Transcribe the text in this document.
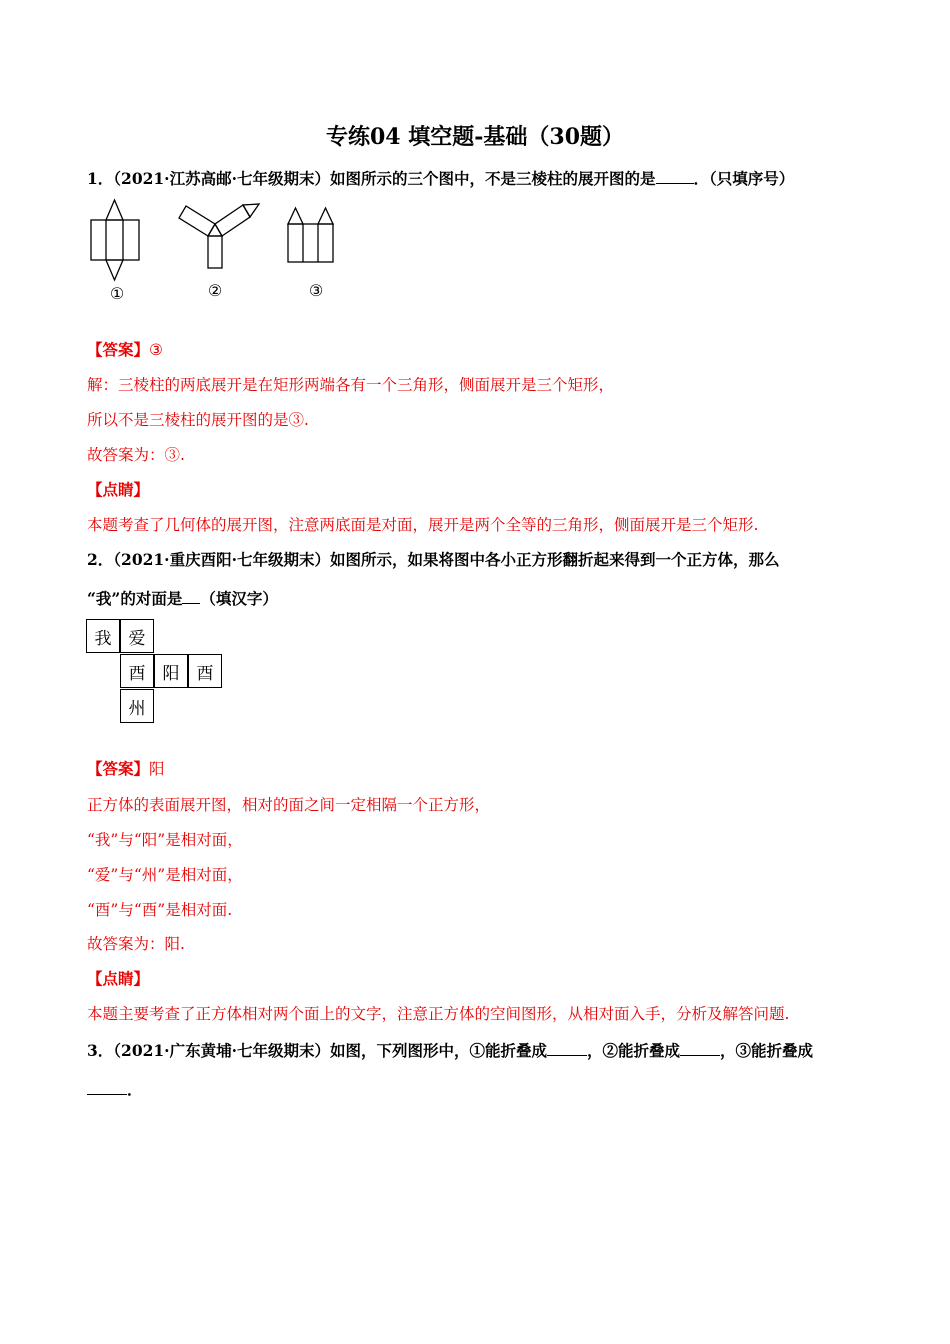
专练04 填空题-基础（30题）
1．（2021·江苏高邮·七年级期末）如图所示的三个图中，不是三棱柱的展开图的是 ．（只填序号）
①	②	③
【答案】③
解：三棱柱的两底展开是在矩形两端各有一个三角形，侧面展开是三个矩形，
所以不是三棱柱的展开图的是③.
故答案为：③.
【点睛】
本题考查了几何体的展开图，注意两底面是对面，展开是两个全等的三角形，侧面展开是三个矩形.
2．（2021·重庆酉阳·七年级期末）如图所示，如果将图中各小正方形翻折起来得到一个正方体，那么
“我”的对面是 （填汉字）
我	爱
酉	阳	酉
州
【答案】阳
正方体的表面展开图，相对的面之间一定相隔一个正方形，
“我”与“阳”是相对面，
“爱”与“州”是相对面，
“酉”与“酉”是相对面.
故答案为：阳.
【点睛】
本题主要考查了正方体相对两个面上的文字，注意正方体的空间图形，从相对面入手，分析及解答问题.
3．（2021·广东黄埔·七年级期末）如图，下列图形中，①能折叠成	，②能折叠成	，③能折叠成
．
